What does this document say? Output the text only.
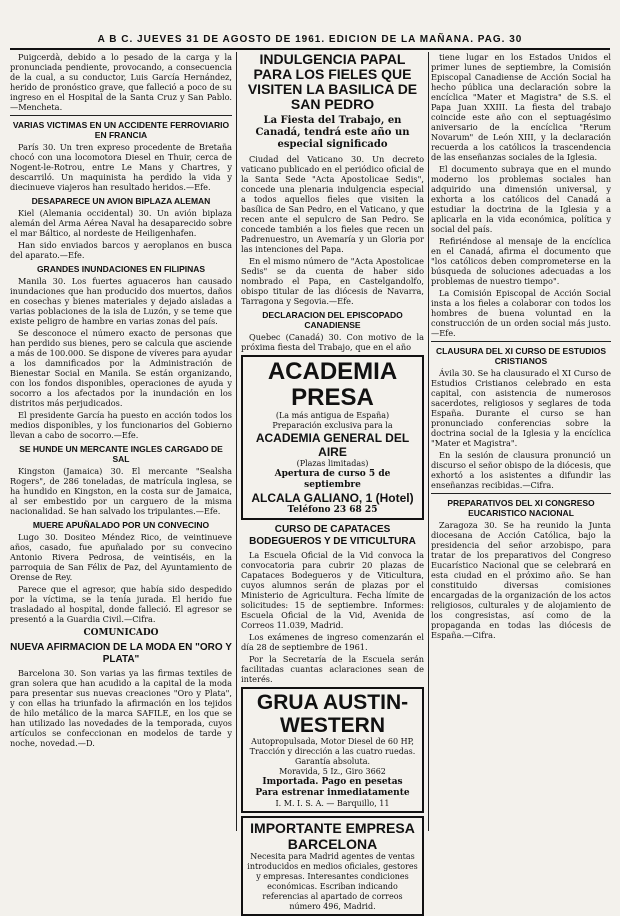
A B C. JUEVES 31 DE AGOSTO DE 1961. EDICION DE LA MAÑANA. PAG. 30

Puigcerdà, debido a lo pesado de la carga y la pronunciada pendiente, provocando, a consecuencia de la cual, a su conductor, Luis García Hernández, herido de pronóstico grave, que falleció a poco de su ingreso en el Hospital de la Santa Cruz y San Pablo.—Mencheta.

VARIAS VICTIMAS EN UN ACCIDENTE FERROVIARIO EN FRANCIA

París 30. Un tren expreso procedente de Bretaña chocó con una locomotora Diesel en Thuir, cerca de Nogent-le-Rotrou, entre Le Mans y Chartres, y descarriló. Un maquinista ha perdido la vida y diecinueve viajeros han resultado heridos.—Efe.

DESAPARECE UN AVION BIPLAZA ALEMAN

Kiel (Alemania occidental) 30. Un avión biplaza alemán del Arma Aérea Naval ha desaparecido sobre el mar Báltico, al nordeste de Heiligenhafen.

Han sido enviados barcos y aeroplanos en busca del aparato.—Efe.

GRANDES INUNDACIONES EN FILIPINAS

Manila 30. Los fuertes aguaceros han causado inundaciones que han producido dos muertos, daños en cosechas y bienes materiales y dejado aisladas a varias poblaciones de la isla de Luzón, y se teme que existe peligro de hambre en varias zonas del país.

Se desconoce el número exacto de personas que han perdido sus bienes, pero se calcula que asciende a más de 100.000. Se dispone de víveres para ayudar a los damnificados por la Administración de Bienestar Social en Manila. Se están organizando, con los fondos disponibles, operaciones de ayuda y socorro a los afectados por la inundación en los distritos más perjudicados.

El presidente García ha puesto en acción todos los medios disponibles, y los funcionarios del Gobierno llevan a cabo de socorro.—Efe.

SE HUNDE UN MERCANTE INGLES CARGADO DE SAL

Kingston (Jamaica) 30. El mercante "Sealsha Rogers", de 286 toneladas, de matrícula inglesa, se ha hundido en Kingston, en la costa sur de Jamaica, al ser embestido por un carguero de la misma nacionalidad. Se han salvado los tripulantes.—Efe.

MUERE APUÑALADO POR UN CONVECINO

Lugo 30. Dositeo Méndez Rico, de veintinueve años, casado, fue apuñalado por su convecino Antonio Rivera Pedrosa, de veintiséis, en la parroquia de San Félix de Paz, del Ayuntamiento de Orense de Rey.

Parece que el agresor, que había sido despedido por la víctima, se la tenía jurada. El herido fue trasladado al hospital, donde falleció. El agresor se presentó a la Guardia Civil.—Cifra.

COMUNICADO
NUEVA AFIRMACION DE LA MODA EN "ORO Y PLATA"

Barcelona 30. Son varias ya las firmas textiles de gran solera que han acudido a la capital de la moda para presentar sus nuevas creaciones "Oro y Plata", y con ellas ha triunfado la afirmación en los tejidos de hilo metálico de la marca SAFILE, en los que se han utilizado las novedades de la temporada, cuyos artículos se confeccionan en modelos de tarde y noche, novedad.—D.

INDULGENCIA PAPAL PARA LOS FIELES QUE VISITEN LA BASILICA DE SAN PEDRO
La Fiesta del Trabajo, en Canadá, tendrá este año un especial significado

Ciudad del Vaticano 30. Un decreto vaticano publicado en el periódico oficial de la Santa Sede "Acta Apostolicae Sedis", concede una plenaria indulgencia especial a todos aquellos fieles que visiten la basílica de San Pedro, en el Vaticano, y que recen ante el sepulcro de San Pedro. Se concede también a los fieles que recen un Padrenuestro, un Avemaría y un Gloria por las intenciones del Papa.

En el mismo número de "Acta Apostolicae Sedis" se da cuenta de haber sido nombrado el Papa, en Castelgandolfo, obispo titular de las diócesis de Navarra, Tarragona y Segovia.—Efe.

DECLARACION DEL EPISCOPADO CANADIENSE

Quebec (Canadá) 30. Con motivo de la próxima fiesta del Trabajo, que en el año

ACADEMIA PRESA
(La más antigua de España)
Preparación exclusiva para la
ACADEMIA GENERAL DEL AIRE
(Plazas limitadas)
Apertura de curso 5 de septiembre
ALCALA GALIANO, 1 (Hotel)
Teléfono 23 68 25
CURSO DE CAPATACES BODEGUEROS Y DE VITICULTURA

La Escuela Oficial de la Vid convoca la convocatoria para cubrir 20 plazas de Capataces Bodegueros y de Viticultura, cuyos alumnos serán de plazas por el Ministerio de Agricultura. Fecha límite de solicitudes: 15 de septiembre. Informes: Escuela Oficial de la Vid, Avenida de Correos 11.039, Madrid.

Los exámenes de ingreso comenzarán el día 28 de septiembre de 1961.

Por la Secretaría de la Escuela serán facilitadas cuantas aclaraciones sean de interés.

GRUA AUSTIN-WESTERN
Autopropulsada, Motor Diesel de 60 HP, Tracción y dirección a las cuatro ruedas. Garantía absoluta.
Moravida, 5 Iz., Giro 3662
Importada. Pago en pesetas
Para estrenar inmediatamente
I. M. I. S. A. — Barquillo, 11
IMPORTANTE EMPRESA BARCELONA
Necesita para Madrid agentes de ventas introducidos en medios oficiales, gestores y empresas. Interesantes condiciones económicas. Escriban indicando referencias al apartado de correos número 496, Madrid.

tiene lugar en los Estados Unidos el primer lunes de septiembre, la Comisión Episcopal Canadiense de Acción Social ha hecho pública una declaración sobre la encíclica "Mater et Magistra" de S.S. el Papa Juan XXIII. La fiesta del trabajo coincide este año con el septuagésimo aniversario de la encíclica "Rerum Novarum" de León XIII, y la declaración recuerda a los católicos la trascendencia de las enseñanzas sociales de la Iglesia.

El documento subraya que en el mundo moderno los problemas sociales han adquirido una dimensión universal, y exhorta a los católicos del Canadá a estudiar la doctrina de la Iglesia y a aplicarla en la vida económica, política y social del país.

Refiriéndose al mensaje de la encíclica en el Canadá, afirma el documento que "los católicos deben comprometerse en la búsqueda de soluciones adecuadas a los problemas de nuestro tiempo".

La Comisión Episcopal de Acción Social insta a los fieles a colaborar con todos los hombres de buena voluntad en la construcción de un orden social más justo.—Efe.

CLAUSURA DEL XI CURSO DE ESTUDIOS CRISTIANOS

Ávila 30. Se ha clausurado el XI Curso de Estudios Cristianos celebrado en esta capital, con asistencia de numerosos sacerdotes, religiosos y seglares de toda España. Durante el curso se han pronunciado conferencias sobre la doctrina social de la Iglesia y la encíclica "Mater et Magistra".

En la sesión de clausura pronunció un discurso el señor obispo de la diócesis, que exhortó a los asistentes a difundir las enseñanzas recibidas.—Cifra.

PREPARATIVOS DEL XI CONGRESO EUCARISTICO NACIONAL

Zaragoza 30. Se ha reunido la Junta diocesana de Acción Católica, bajo la presidencia del señor arzobispo, para tratar de los preparativos del Congreso Eucarístico Nacional que se celebrará en esta ciudad en el próximo año. Se han constituido diversas comisiones encargadas de la organización de los actos religiosos, culturales y de alojamiento de los congresistas, así como de la propaganda en todas las diócesis de España.—Cifra.
